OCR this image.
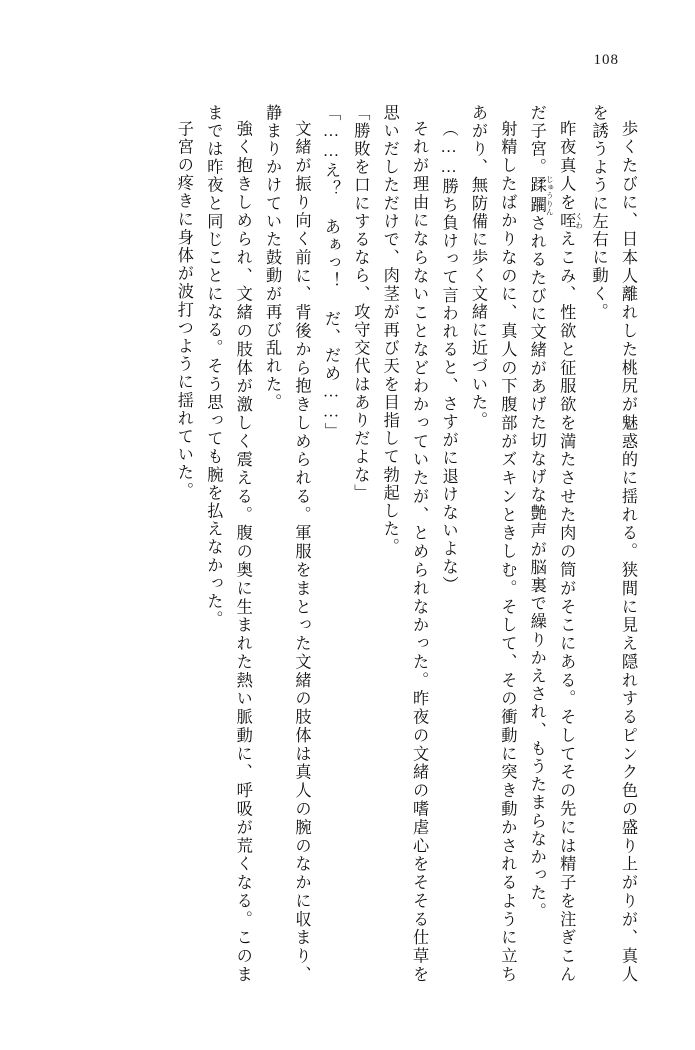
108

歩くたびに、日本人離れした桃尻が魅惑的に揺れる。狭間に見え隠れするピンク色の盛り上がりが、真人を誘うように左右に動く。

昨夜真人を咥 くわえこみ、性欲と征服欲を満たさせた肉の筒がそこにある。そしてその先には精子を注ぎこんだ子宮。蹂躙 じゅうりんされるたびに文緒があげた切なげな艶声が脳裏で繰りかえされ、もうたまらなかった。

射精したばかりなのに、真人の下腹部がズキンときしむ。そして、その衝動に突き動かされるように立ちあがり、無防備に歩く文緒に近づいた。

（……勝ち負けって言われると、さすがに退けないよな）

それが理由にならないことなどわかっていたが、とめられなかった。昨夜の文緒の嗜虐心をそそる仕草を思いだしただけで、肉茎が再び天を目指して勃起した。

「勝敗を口にするなら、攻守交代はありだよな」

「……え？ あぁっ！ だ、だめ……」

文緒が振り向く前に、背後から抱きしめられる。軍服をまとった文緒の肢体は真人の腕のなかに収まり、静まりかけていた鼓動が再び乱れた。

強く抱きしめられ、文緒の肢体が激しく震える。腹の奥に生まれた熱い脈動に、呼吸が荒くなる。このままでは昨夜と同じことになる。そう思っても腕を払えなかった。

子宮の疼きに身体が波打つように揺れていた。
